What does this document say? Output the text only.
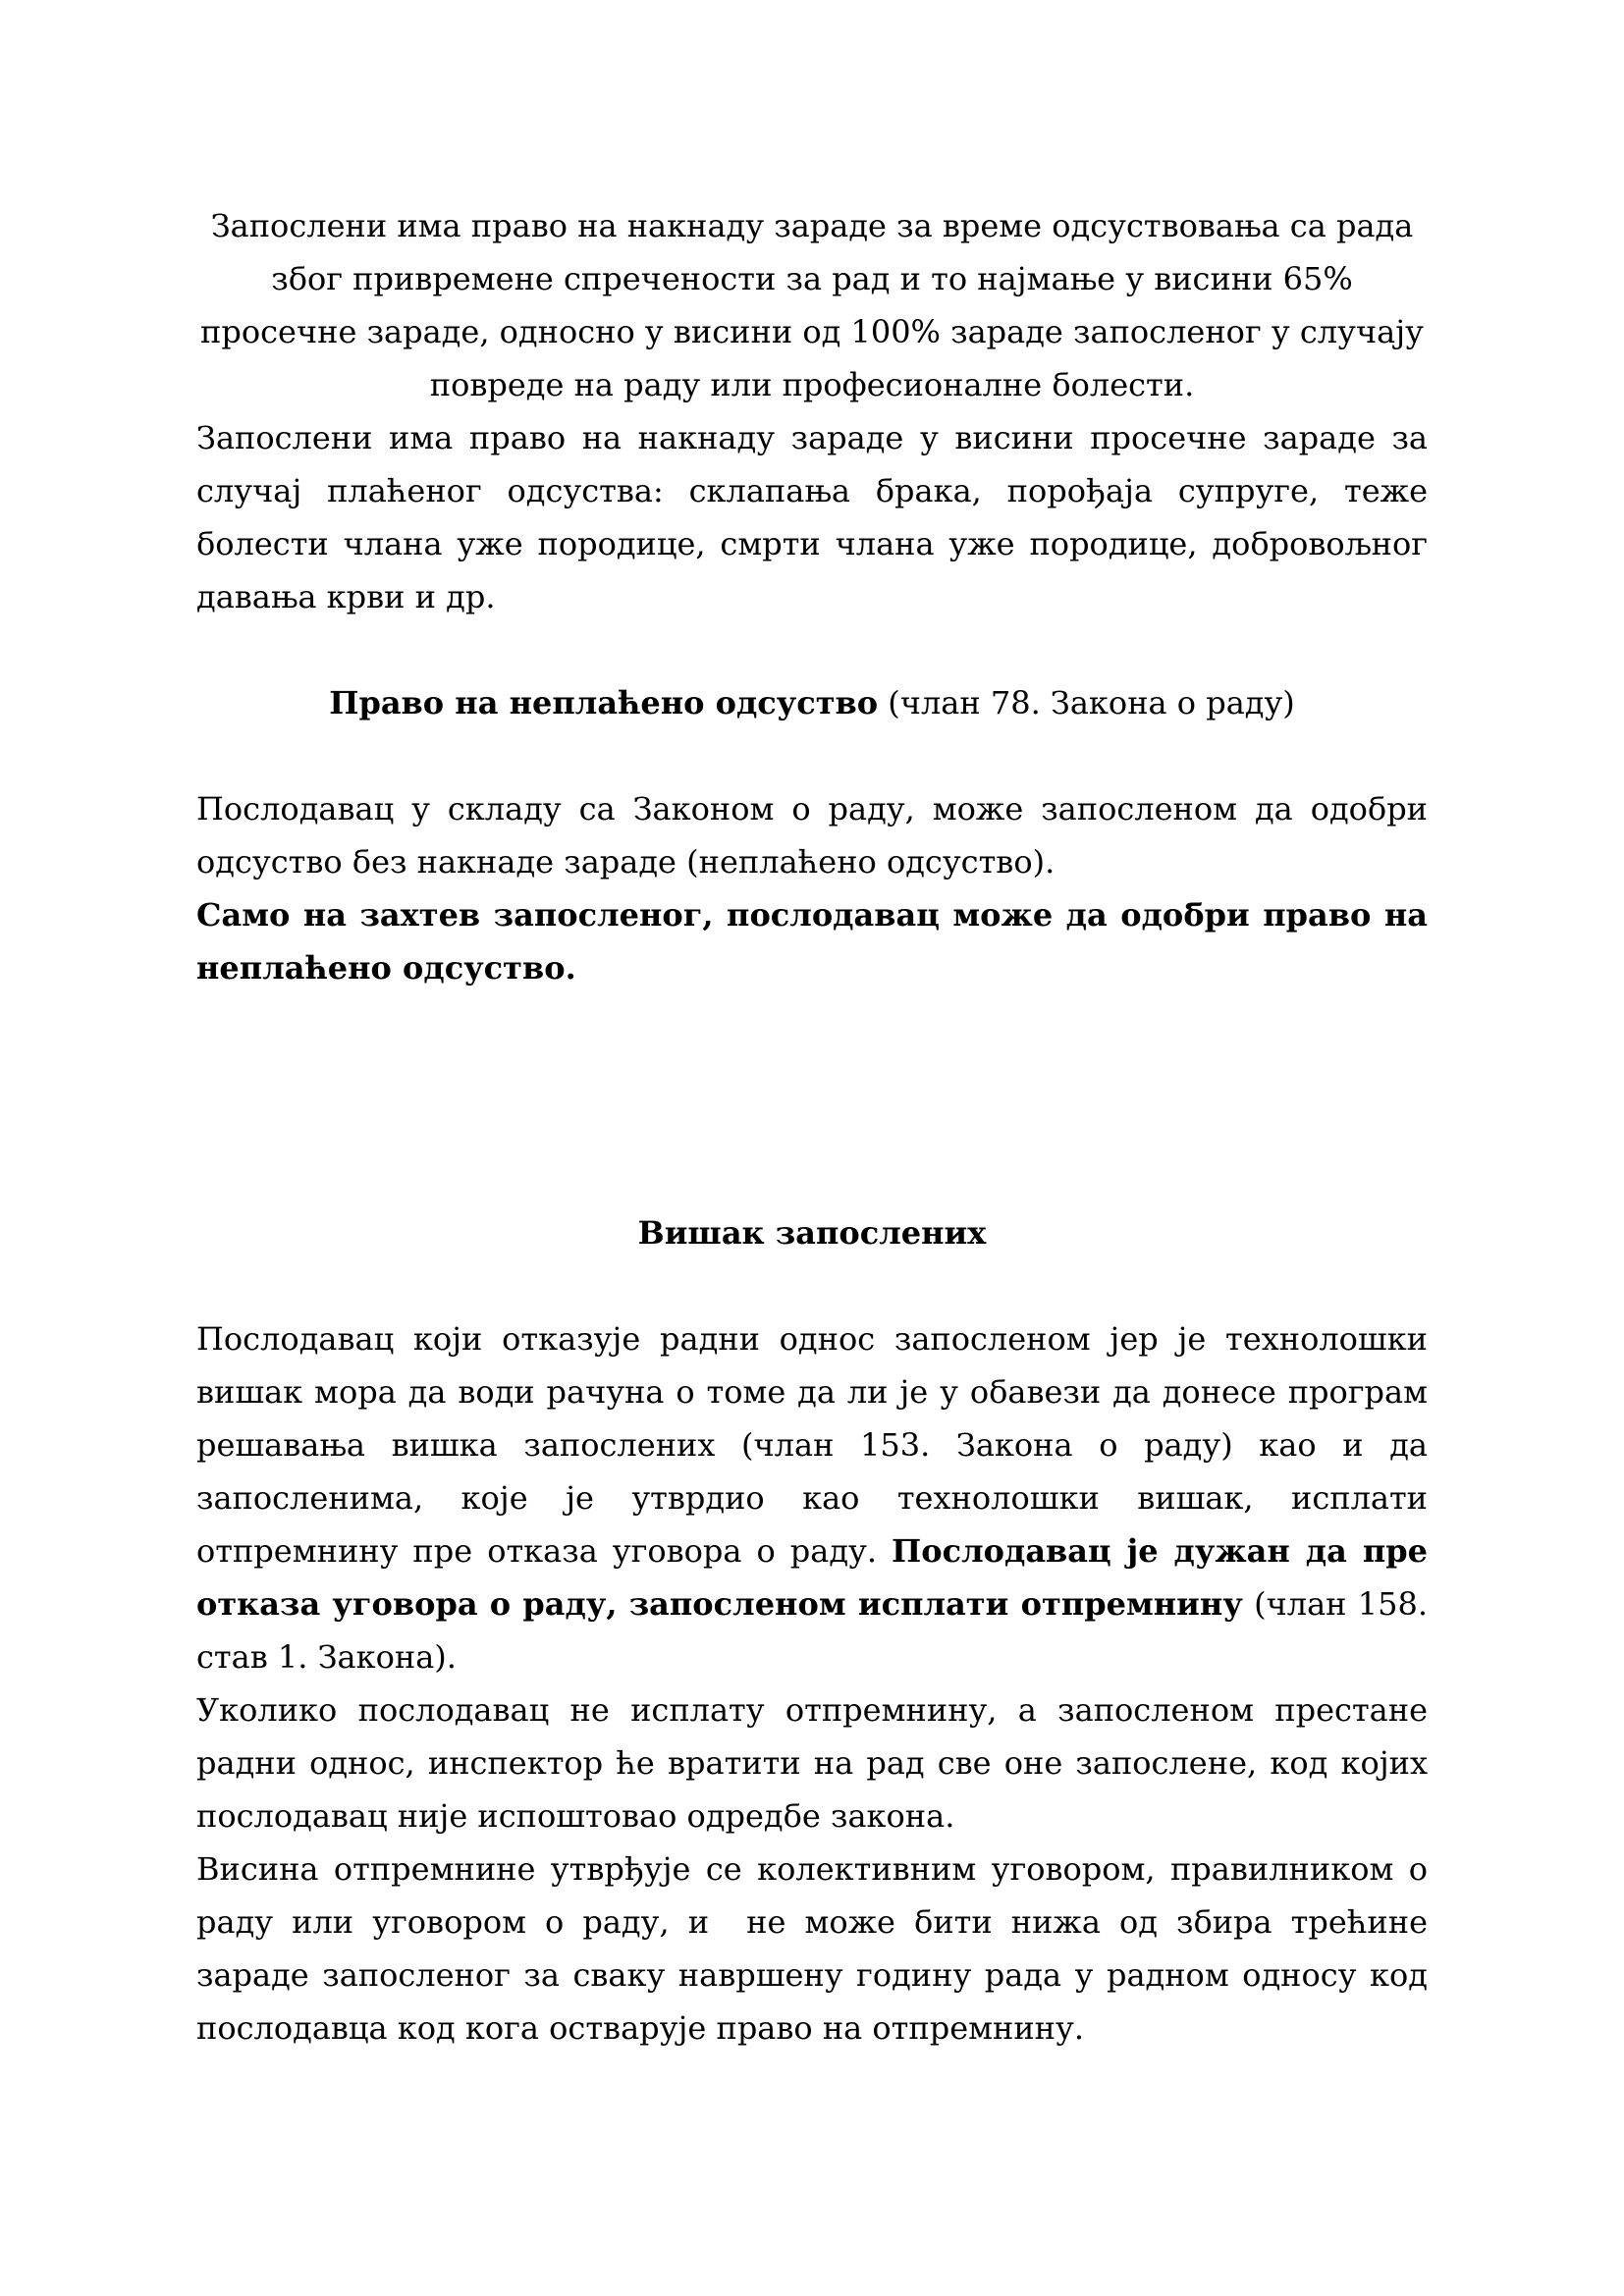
Запослени има право на накнаду зараде за време одсуствовања са рада због привремене спречености за рад и то најмање у висини 65% просечне зараде, односно у висини од 100% зараде запосленог у случају повреде на раду или професионалне болести.

Запослени има право на накнаду зараде у висини просечне зараде за случај плаћеног одсуства: склапања брака, порођаја супруге, теже болести члана уже породице, смрти члана уже породице, добровољног давања крви и др.

Право на неплаћено одсуство (члан 78. Закона о раду)

Послодавац у складу са Законом о раду, може запосленом да одобри одсуство без накнаде зараде (неплаћено одсуство).

Само на захтев запосленог, послодавац може да одобри право на неплаћено одсуство.

Вишак запослених

Послодавац који отказује радни однос запосленом јер је технолошки вишак мора да води рачуна о томе да ли је у обавези да донесе програм решавања вишка запослених (члан 153. Закона о раду) као и да запосленима, које је утврдио као технолошки вишак, исплати отпремнину пре отказа уговора о раду. Послодавац је дужан да пре отказа уговора о раду, запосленом исплати отпремнину (члан 158. став 1. Закона).

Уколико послодавац не исплату отпремнину, а запосленом престане радни однос, инспектор ће вратити на рад све оне запослене, код којих послодавац није испоштовао одредбе закона.

Висина отпремнине утврђује се колективним уговором, правилником о раду или уговором о раду, и  не може бити нижа од збира трећине зараде запосленог за сваку навршену годину рада у радном односу код послодавца код кога остварује право на отпремнину.
